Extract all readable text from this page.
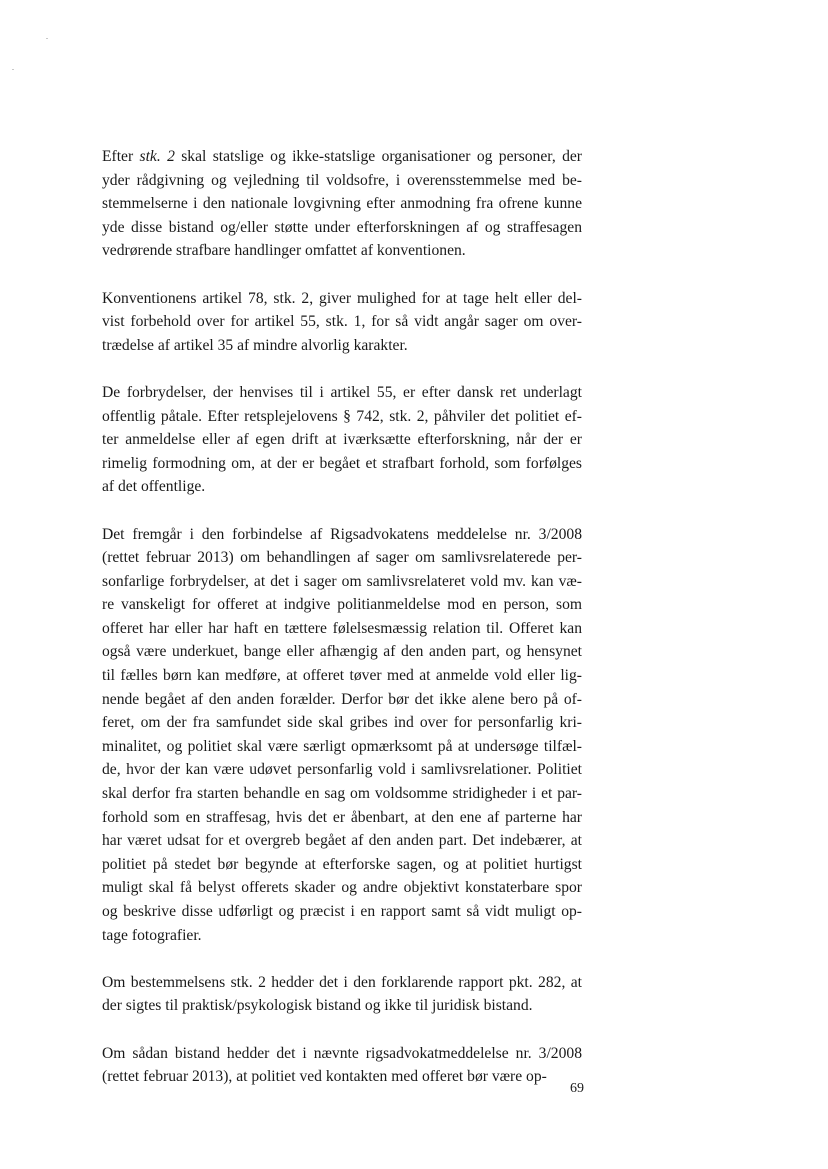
Efter stk. 2 skal statslige og ikke-statslige organisationer og personer, der
yder rådgivning og vejledning til voldsofre, i overensstemmelse med be-
stemmelserne i den nationale lovgivning efter anmodning fra ofrene kunne
yde disse bistand og/eller støtte under efterforskningen af og straffesagen
vedrørende strafbare handlinger omfattet af konventionen.

Konventionens artikel 78, stk. 2, giver mulighed for at tage helt eller del-
vist forbehold over for artikel 55, stk. 1, for så vidt angår sager om over-
trædelse af artikel 35 af mindre alvorlig karakter.

De forbrydelser, der henvises til i artikel 55, er efter dansk ret underlagt
offentlig påtale. Efter retsplejelovens § 742, stk. 2, påhviler det politiet ef-
ter anmeldelse eller af egen drift at iværksætte efterforskning, når der er
rimelig formodning om, at der er begået et strafbart forhold, som forfølges
af det offentlige.

Det fremgår i den forbindelse af Rigsadvokatens meddelelse nr. 3/2008
(rettet februar 2013) om behandlingen af sager om samlivsrelaterede per-
sonfarlige forbrydelser, at det i sager om samlivsrelateret vold mv. kan væ-
re vanskeligt for offeret at indgive politianmeldelse mod en person, som
offeret har eller har haft en tættere følelsesmæssig relation til. Offeret kan
også være underkuet, bange eller afhængig af den anden part, og hensynet
til fælles børn kan medføre, at offeret tøver med at anmelde vold eller lig-
nende begået af den anden forælder. Derfor bør det ikke alene bero på of-
feret, om der fra samfundet side skal gribes ind over for personfarlig kri-
minalitet, og politiet skal være særligt opmærksomt på at undersøge tilfæl-
de, hvor der kan være udøvet personfarlig vold i samlivsrelationer. Politiet
skal derfor fra starten behandle en sag om voldsomme stridigheder i et par-
forhold som en straffesag, hvis det er åbenbart, at den ene af parterne har
har været udsat for et overgreb begået af den anden part. Det indebærer, at
politiet på stedet bør begynde at efterforske sagen, og at politiet hurtigst
muligt skal få belyst offerets skader og andre objektivt konstaterbare spor
og beskrive disse udførligt og præcist i en rapport samt så vidt muligt op-
tage fotografier.

Om bestemmelsens stk. 2 hedder det i den forklarende rapport pkt. 282, at
der sigtes til praktisk/psykologisk bistand og ikke til juridisk bistand.

Om sådan bistand hedder det i nævnte rigsadvokatmeddelelse nr. 3/2008
(rettet februar 2013), at politiet ved kontakten med offeret bør være op-

69
